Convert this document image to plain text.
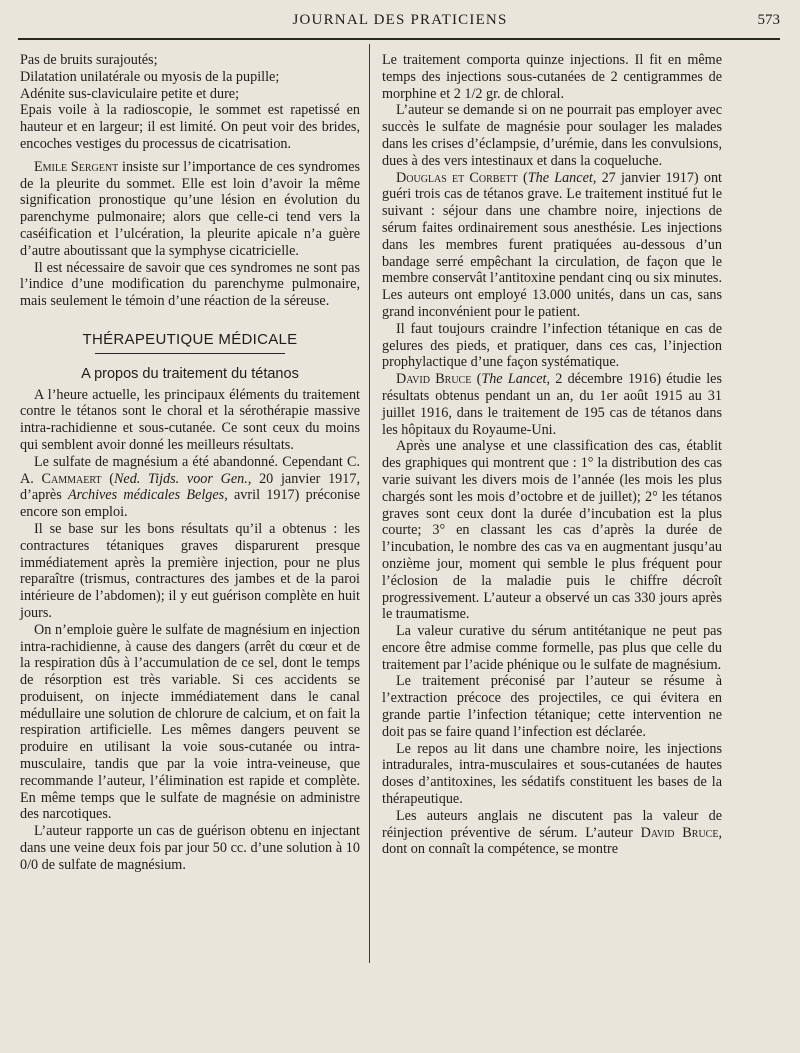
JOURNAL DES PRATICIENS	573

Pas de bruits surajoutés;

Dilatation unilatérale ou myosis de la pupille;

Adénite sus-claviculaire petite et dure;

Epais voile à la radioscopie, le sommet est rapetissé en hauteur et en largeur; il est limité. On peut voir des brides, encoches vestiges du processus de cicatrisation.

Emile Sergent insiste sur l’importance de ces syndromes de la pleurite du sommet. Elle est loin d’avoir la même signification pronostique qu’une lésion en évolution du parenchyme pulmonaire; alors que celle-ci tend vers la caséification et l’ulcération, la pleurite apicale n’a guère d’autre aboutissant que la symphyse cicatricielle.

Il est nécessaire de savoir que ces syndromes ne sont pas l’indice d’une modification du parenchyme pulmonaire, mais seulement le témoin d’une réaction de la séreuse.

THÉRAPEUTIQUE MÉDICALE
A propos du traitement du tétanos

A l’heure actuelle, les principaux éléments du traitement contre le tétanos sont le choral et la sérothérapie massive intra-rachidienne et sous-cutanée. Ce sont ceux du moins qui semblent avoir donné les meilleurs résultats.

Le sulfate de magnésium a été abandonné. Cependant C. A. Cammaert (Ned. Tijds. voor Gen., 20 janvier 1917, d’après Archives médicales Belges, avril 1917) préconise encore son emploi.

Il se base sur les bons résultats qu’il a obtenus : les contractures tétaniques graves disparurent presque immédiatement après la première injection, pour ne plus reparaître (trismus, contractures des jambes et de la paroi intérieure de l’abdomen); il y eut guérison complète en huit jours.

On n’emploie guère le sulfate de magnésium en injection intra-rachidienne, à cause des dangers (arrêt du cœur et de la respiration dûs à l’accumulation de ce sel, dont le temps de résorption est très variable. Si ces accidents se produisent, on injecte immédiatement dans le canal médullaire une solution de chlorure de calcium, et on fait la respiration artificielle. Les mêmes dangers peuvent se produire en utilisant la voie sous-cutanée ou intra-musculaire, tandis que par la voie intra-veineuse, que recommande l’auteur, l’élimination est rapide et complète. En même temps que le sulfate de magnésie on administre des narcotiques.

L’auteur rapporte un cas de guérison obtenu en injectant dans une veine deux fois par jour 50 cc. d’une solution à 10 0/0 de sulfate de magnésium.

Le traitement comporta quinze injections. Il fit en même temps des injections sous-cutanées de 2 centigrammes de morphine et 2 1/2 gr. de chloral.

L’auteur se demande si on ne pourrait pas employer avec succès le sulfate de magnésie pour soulager les malades dans les crises d’éclampsie, d’urémie, dans les convulsions, dues à des vers intestinaux et dans la coqueluche.

Douglas et Corbett (The Lancet, 27 janvier 1917) ont guéri trois cas de tétanos grave. Le traitement institué fut le suivant : séjour dans une chambre noire, injections de sérum faites ordinairement sous anesthésie. Les injections dans les membres furent pratiquées au-dessous d’un bandage serré empêchant la circulation, de façon que le membre conservât l’antitoxine pendant cinq ou six minutes. Les auteurs ont employé 13.000 unités, dans un cas, sans grand inconvénient pour le patient.

Il faut toujours craindre l’infection tétanique en cas de gelures des pieds, et pratiquer, dans ces cas, l’injection prophylactique d’une façon systématique.

David Bruce (The Lancet, 2 décembre 1916) étudie les résultats obtenus pendant un an, du 1er août 1915 au 31 juillet 1916, dans le traitement de 195 cas de tétanos dans les hôpitaux du Royaume-Uni.

Après une analyse et une classification des cas, établit des graphiques qui montrent que : 1° la distribution des cas varie suivant les divers mois de l’année (les mois les plus chargés sont les mois d’octobre et de juillet); 2° les tétanos graves sont ceux dont la durée d’incubation est la plus courte; 3° en classant les cas d’après la durée de l’incubation, le nombre des cas va en augmentant jusqu’au onzième jour, moment qui semble le plus fréquent pour l’éclosion de la maladie puis le chiffre décroît progressivement. L’auteur a observé un cas 330 jours après le traumatisme.

La valeur curative du sérum antitétanique ne peut pas encore être admise comme formelle, pas plus que celle du traitement par l’acide phénique ou le sulfate de magnésium.

Le traitement préconisé par l’auteur se résume à l’extraction précoce des projectiles, ce qui évitera en grande partie l’infection tétanique; cette intervention ne doit pas se faire quand l’infection est déclarée.

Le repos au lit dans une chambre noire, les injections intradurales, intra-musculaires et sous-cutanées de hautes doses d’antitoxines, les sédatifs constituent les bases de la thérapeutique.

Les auteurs anglais ne discutent pas la valeur de réinjection préventive de sérum. L’auteur David Bruce, dont on connaît la compétence, se montre
